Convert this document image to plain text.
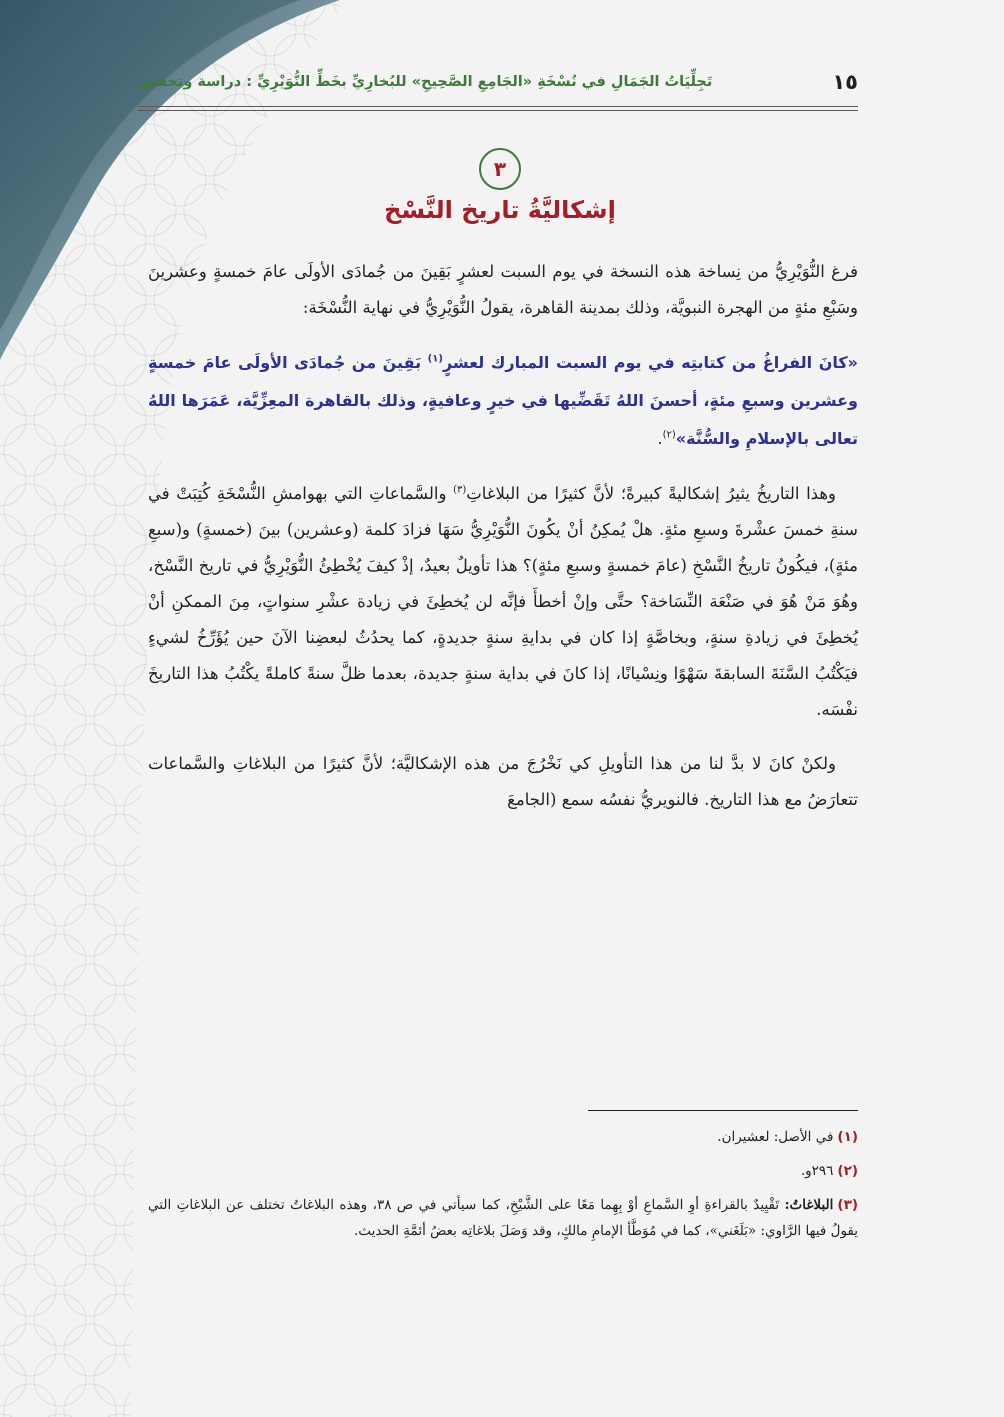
١٥
تَجِلِّيَاتُ الجَمَالِ في نُسْخَةِ «الجَامِعِ الصَّحِيحِ» للبُخارِيِّ بخَطِّ النُّوَيْرِيِّ : دراسة وتحقيق
٣
إشكاليَّةُ تاريخ النَّسْخ

فرغ النُّوَيْرِيُّ من نِساخة هذه النسخة في يوم السبت لعشرٍ بَقِينَ من جُمادَى الأولَى عامَ خمسةٍ وعشرينَ وسَبْعِ مئةٍ من الهجرة النبويَّة، وذلك بمدينة القاهرة، يقولُ النُّوَيْرِيُّ في نهاية النُّسْخَة:

«كانَ الفراغُ من كتابتِه في يوم السبت المبارك لعشرٍ$^{(١)}$ بَقِينَ من جُمادَى الأولَى عامَ خمسةٍ وعشرين وسبعِ مئةٍ، أحسنَ اللهُ تَقَضِّيها في خيرٍ وعافيةٍ، وذلك بالقاهرة المعِزِّيَّة، عَمَرَها اللهُ تعالى بالإسلامِ والسُّنَّة»$^{(٢)}$.

وهذا التاريخُ يثيرُ إشكاليةً كبيرةً؛ لأنَّ كثيرًا من البلاغاتِ$^{(٣)}$ والسَّماعاتِ التي بهوامشِ النُّسْخَةِ كُتِبَتْ في سنةِ خمسَ عشْرةَ وسبعِ مئةٍ. هلْ يُمكِنُ أنْ يكُونَ النُّوَيْرِيُّ سَهَا فزادَ كلمة (وعشرين) بينَ (خمسةٍ) و(سبعِ مئةٍ)، فيكُونُ تاريخُ النَّسْخِ (عامَ خمسةٍ وسبعِ مئةٍ)؟ هذا تأويلٌ بعيدٌ، إذْ كيفَ يُخْطِئُ النُّوَيْرِيُّ في تاريخ النَّسْخ، وهُوَ مَنْ هُوَ في صَنْعَة النِّسَاخة؟ حتَّى وإنْ أخطأَ فإنَّه لن يُخطِئَ في زيادة عشْرِ سنواتٍ، مِنَ الممكنِ أنْ يُخطِئَ في زيادةِ سنةٍ، وبخاصَّةٍ إذا كان في بدايةِ سنةٍ جديدةٍ، كما يحدُثُ لبعضِنا الآنَ حين يُؤَرِّخُ لشيءٍ فيَكْتُبُ السَّنَةَ السابقةَ سَهْوًا ونِسْيانًا، إذا كانَ في بداية سنةٍ جديدة، بعدما ظلَّ سنةً كاملةً يكْتُبُ هذا التاريخَ نفْسَه.

ولكنْ كانَ لا بدَّ لنا من هذا التأويلِ كي نَخْرُجَ من هذه الإشكاليَّة؛ لأنَّ كثيرًا من البلاغاتِ والسَّماعات تتعارَضُ مع هذا التاريخ. فالنويريُّ نفسُه سمع (الجامعَ

(١)في الأصل: لعشيران.

(٢)٢٩٦و.

(٣)البلاغاتُ: تَقْيِيدٌ بالقراءةِ أوِ السَّماعِ أوْ بِهِما مَعًا على الشَّيْخِ، كما سيأتي في ص ٣٨، وهذه البلاغاتُ تختلف عن البلاغاتِ التي يقولُ فيها الرَّاوي: «بَلَغَني»، كما في مُوَطَّأ الإمامِ مالكٍ، وقد وَصَلَ بلاغاتِه بعضُ أئمَّةِ الحديث.
